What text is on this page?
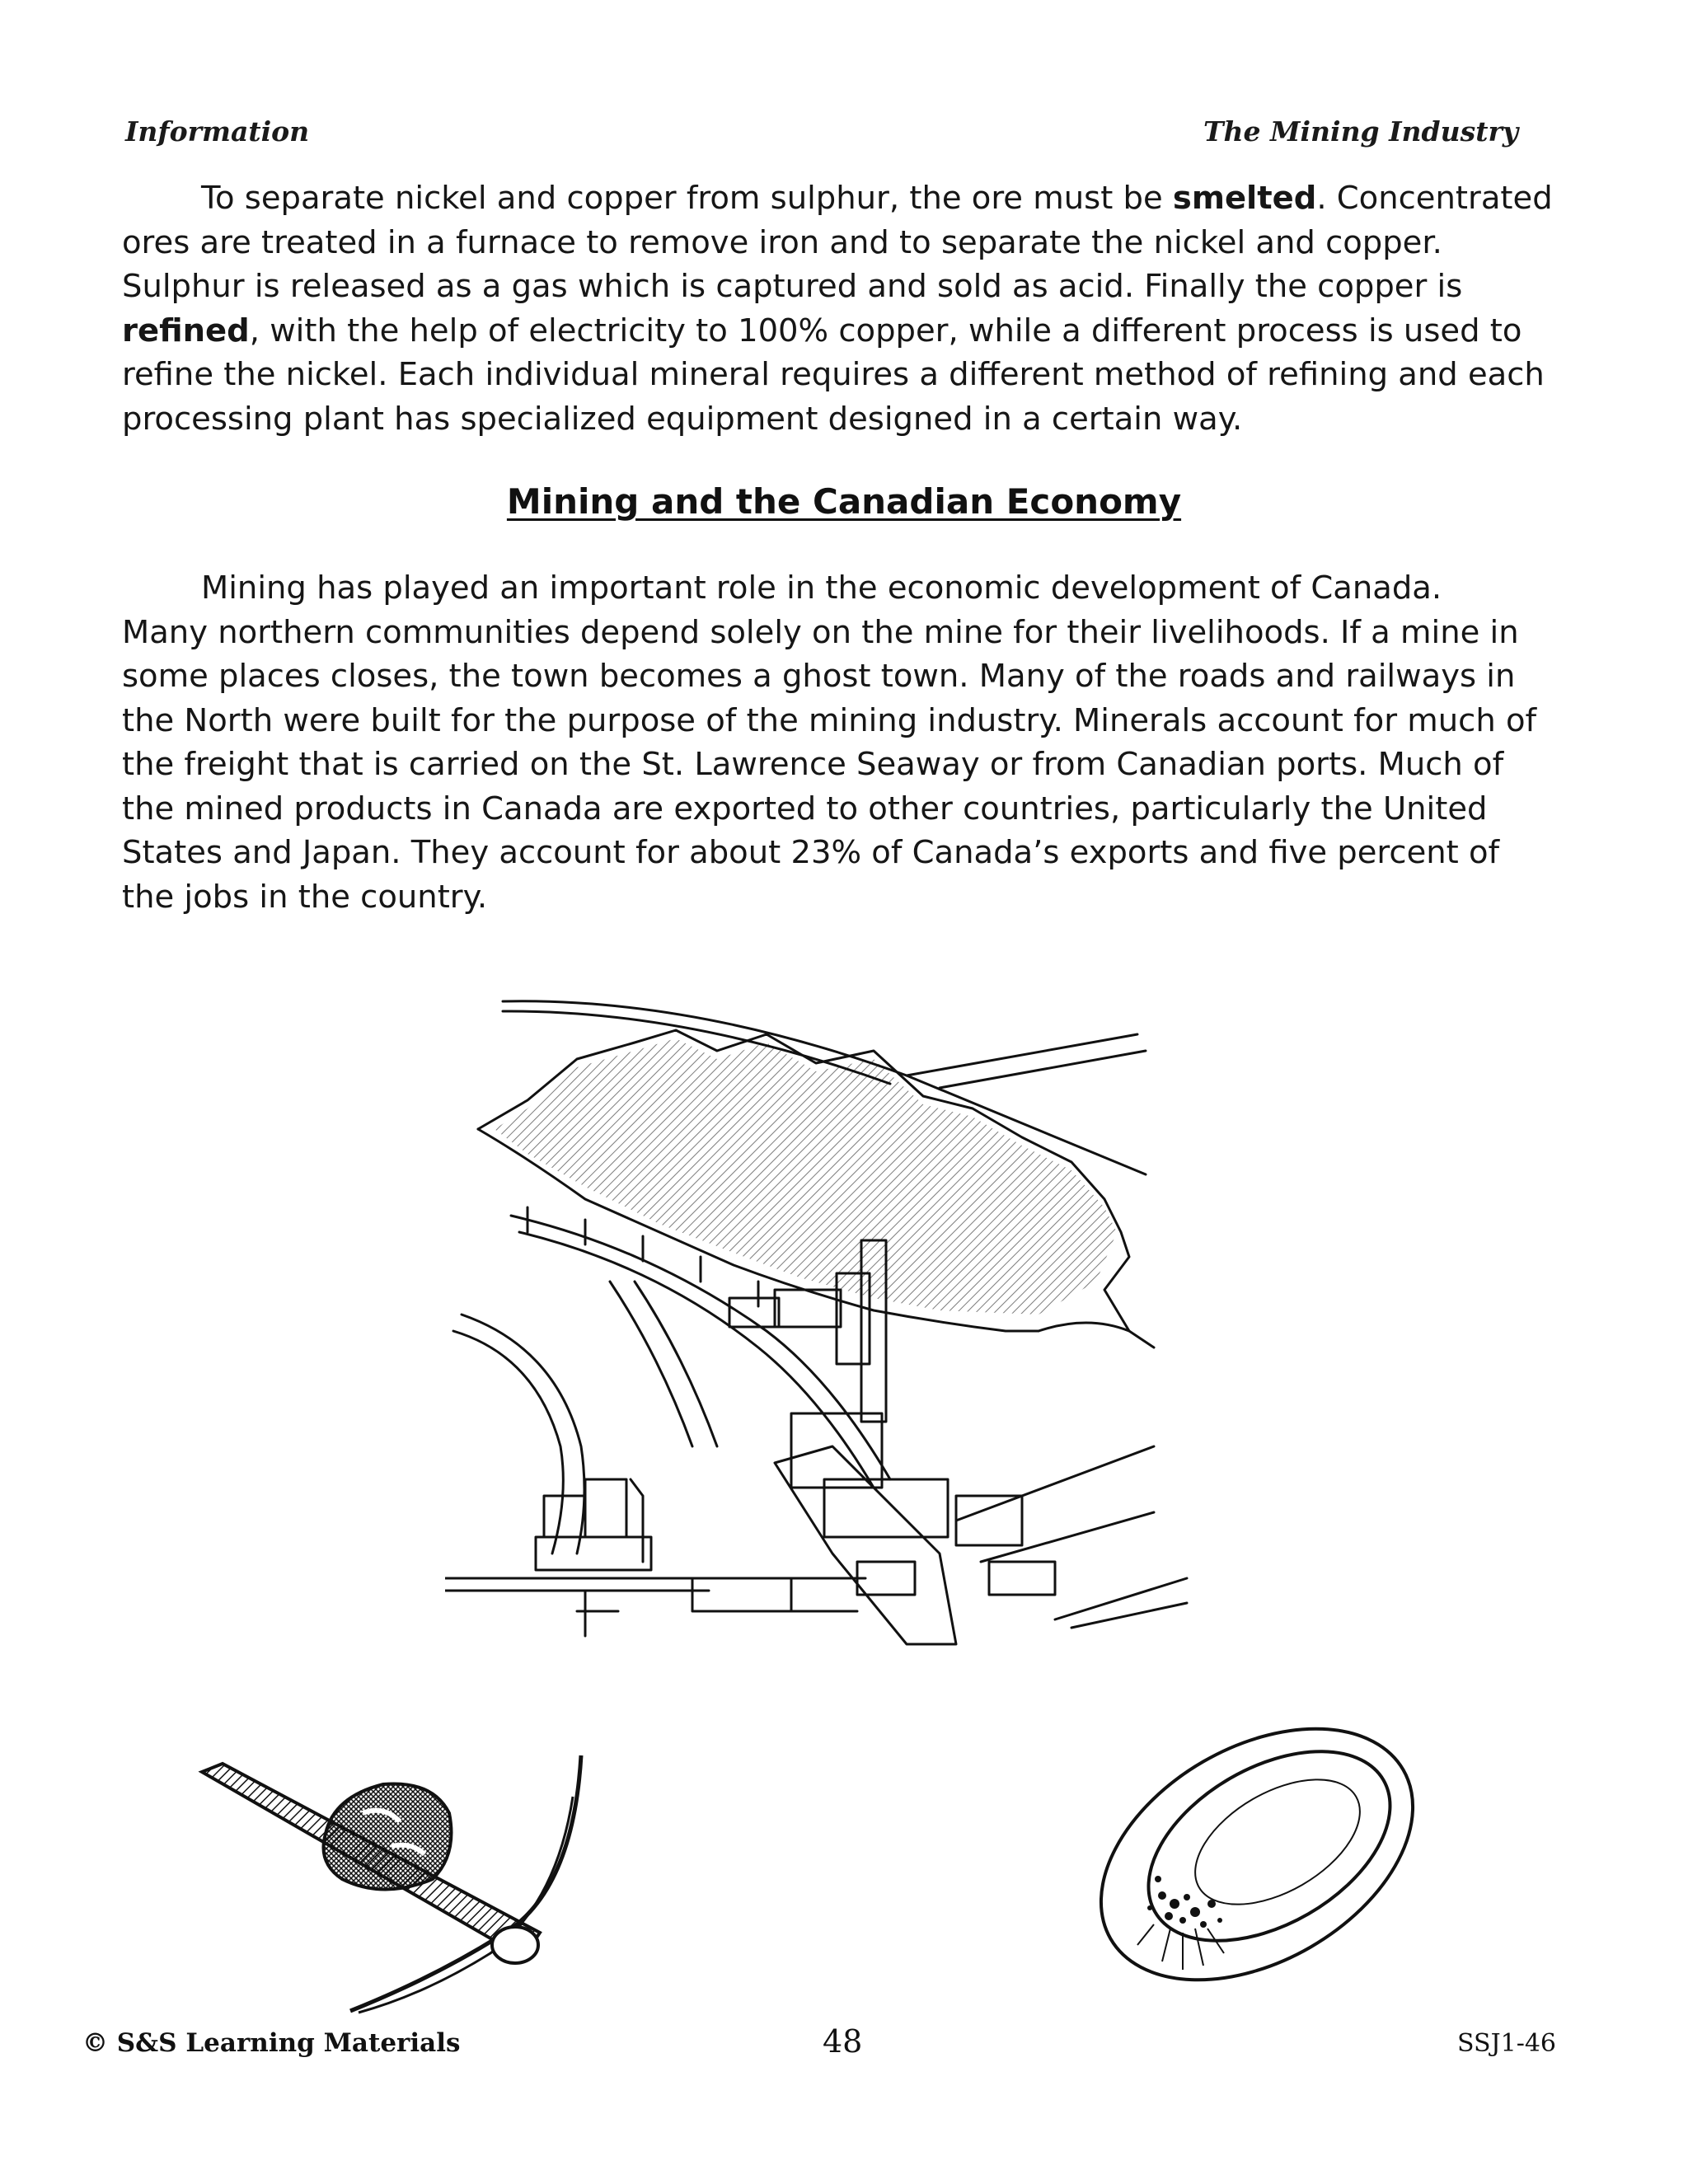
Information	The Mining Industry
To separate nickel and copper from sulphur, the ore must be smelted. Concentrated
ores are treated in a furnace to remove iron and to separate the nickel and copper.
Sulphur is released as a gas which is captured and sold as acid. Finally the copper is
refined, with the help of electricity to 100% copper, while a different process is used to
refine the nickel. Each individual mineral requires a different method of refining and each
processing plant has specialized equipment designed in a certain way.
Mining and the Canadian Economy
Mining has played an important role in the economic development of Canada.
Many northern communities depend solely on the mine for their livelihoods. If a mine in
some places closes, the town becomes a ghost town. Many of the roads and railways in
the North were built for the purpose of the mining industry. Minerals account for much of
the freight that is carried on the St. Lawrence Seaway or from Canadian ports. Much of
the mined products in Canada are exported to other countries, particularly the United
States and Japan. They account for about 23% of Canada’s exports and five percent of
the jobs in the country.
© S&S Learning Materials	48	SSJ1-46
